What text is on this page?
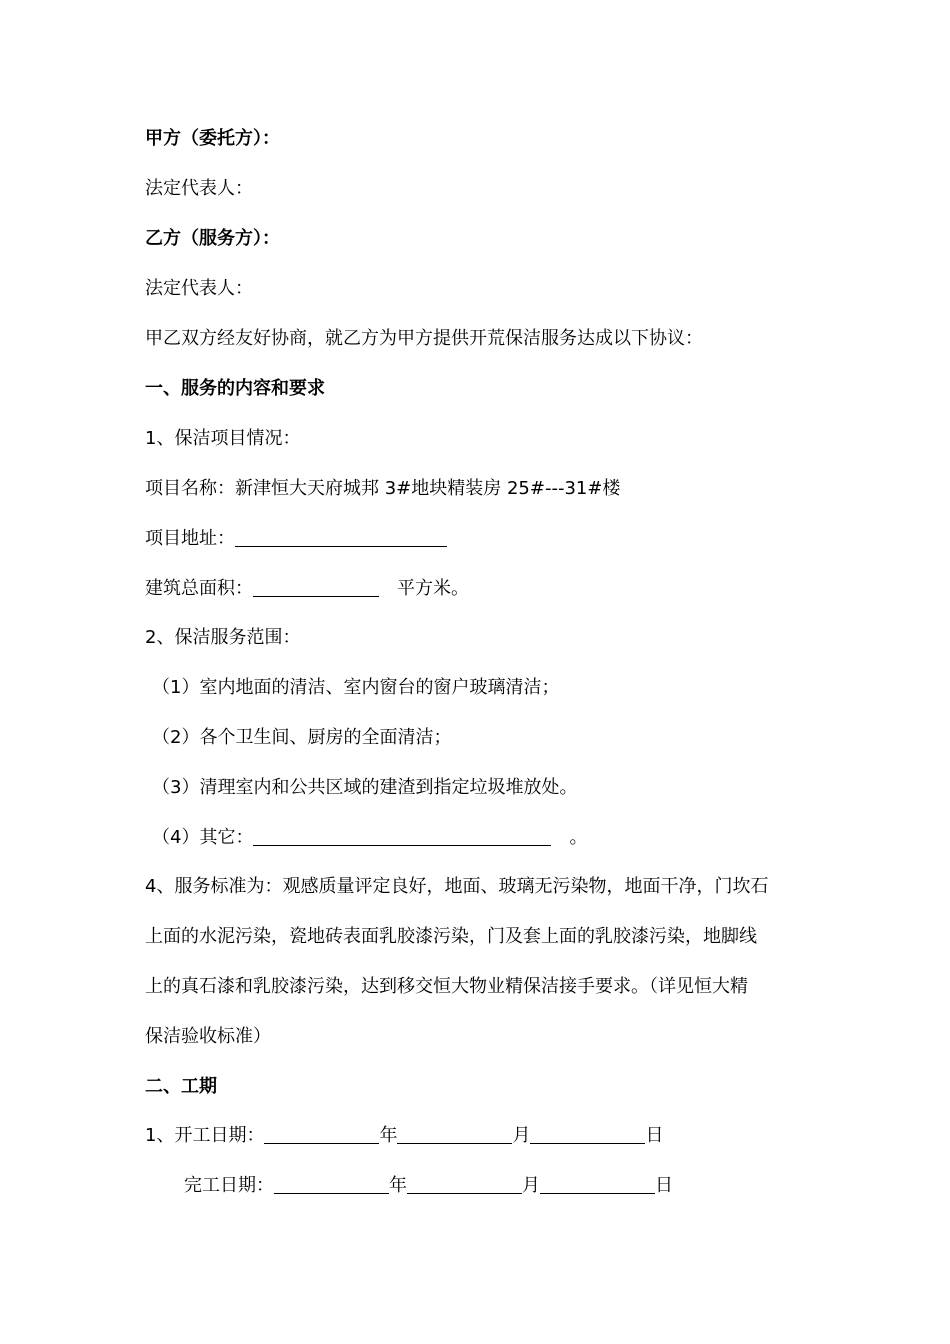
甲方（委托方）：
法定代表人：
乙方（服务方）：
法定代表人：
甲乙双方经友好协商，就乙方为甲方提供开荒保洁服务达成以下协议：
一、服务的内容和要求
1、保洁项目情况：
项目名称：新津恒大天府城邦 3#地块精装房 25#---31#楼
项目地址：
建筑总面积：	平方米。
2、保洁服务范围：
（1）室内地面的清洁、室内窗台的窗户玻璃清洁；
（2）各个卫生间、厨房的全面清洁；
（3）清理室内和公共区域的建渣到指定垃圾堆放处。
（4）其它：	。
4、服务标准为：观感质量评定良好，地面、玻璃无污染物，地面干净，门坎石
上面的水泥污染，瓷地砖表面乳胶漆污染，门及套上面的乳胶漆污染，地脚线
上的真石漆和乳胶漆污染，达到移交恒大物业精保洁接手要求。（详见恒大精
保洁验收标准）
二、工期
1、开工日期：	年	月	日
完工日期：	年	月	日
